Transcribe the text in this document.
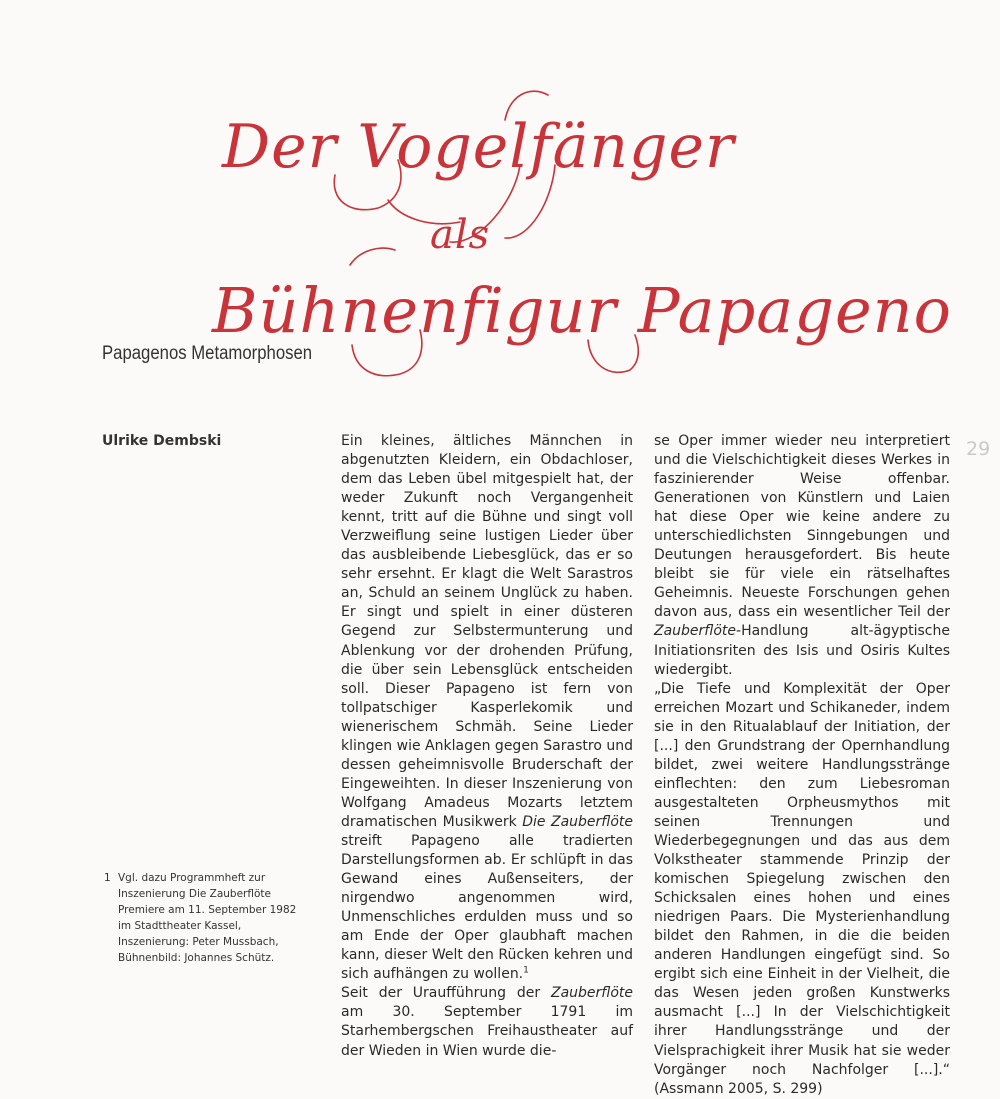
Der Vogelfänger
als
Bühnenfigur Papageno
Papagenos Metamorphosen
Ulrike Dembski	29

Ein kleines, ältliches Männchen in abgenutzten Kleidern, ein Obdachloser, dem das Leben übel mitgespielt hat, der weder Zukunft noch Vergangenheit kennt, tritt auf die Bühne und singt voll Verzweiflung seine lustigen Lieder über das ausbleibende Liebesglück, das er so sehr ersehnt. Er klagt die Welt Sarastros an, Schuld an seinem Unglück zu haben. Er singt und spielt in einer düsteren Gegend zur Selbstermunterung und Ablenkung vor der drohenden Prüfung, die über sein Lebensglück entscheiden soll. Dieser Papageno ist fern von tollpatschiger Kasperlekomik und wienerischem Schmäh. Seine Lieder klingen wie Anklagen gegen Sarastro und dessen geheimnisvolle Bruderschaft der Eingeweihten. In dieser Inszenierung von Wolfgang Amadeus Mozarts letztem dramatischen Musikwerk Die Zauberflöte streift Papageno alle tradierten Darstellungsformen ab. Er schlüpft in das Gewand eines Außenseiters, der nirgendwo angenommen wird, Unmenschliches erdulden muss und so am Ende der Oper glaubhaft machen kann, dieser Welt den Rücken kehren und sich aufhängen zu wollen.$^1$

Seit der Uraufführung der Zauberflöte am 30. September 1791 im Starhembergschen Freihaustheater auf der Wieden in Wien wurde die-

se Oper immer wieder neu interpretiert und die Vielschichtigkeit dieses Werkes in faszinierender Weise offenbar. Generationen von Künstlern und Laien hat diese Oper wie keine andere zu unterschiedlichsten Sinngebungen und Deutungen herausgefordert. Bis heute bleibt sie für viele ein rätselhaftes Geheimnis. Neueste Forschungen gehen davon aus, dass ein wesentlicher Teil der Zauberflöte-Handlung alt-ägyptische Initiationsriten des Isis und Osiris Kultes wiedergibt.

„Die Tiefe und Komplexität der Oper erreichen Mozart und Schikaneder, indem sie in den Ritualablauf der Initiation, der [...] den Grundstrang der Opernhandlung bildet, zwei weitere Handlungsstränge einflechten: den zum Liebesroman ausgestalteten Orpheusmythos mit seinen Trennungen und Wiederbegegnungen und das aus dem Volkstheater stammende Prinzip der komischen Spiegelung zwischen den Schicksalen eines hohen und eines niedrigen Paars. Die Mysterienhandlung bildet den Rahmen, in die die beiden anderen Handlungen eingefügt sind. So ergibt sich eine Einheit in der Vielheit, die das Wesen jeden großen Kunstwerks ausmacht [...] In der Vielschichtigkeit ihrer Handlungsstränge und der Vielsprachigkeit ihrer Musik hat sie weder Vorgänger noch Nachfolger [...].“ (Assmann 2005, S. 299)

1 Vgl. dazu Programmheft zur Inszenierung Die Zauberflöte Premiere am 11. September 1982 im Stadttheater Kassel, Inszenierung: Peter Mussbach, Bühnenbild: Johannes Schütz.
